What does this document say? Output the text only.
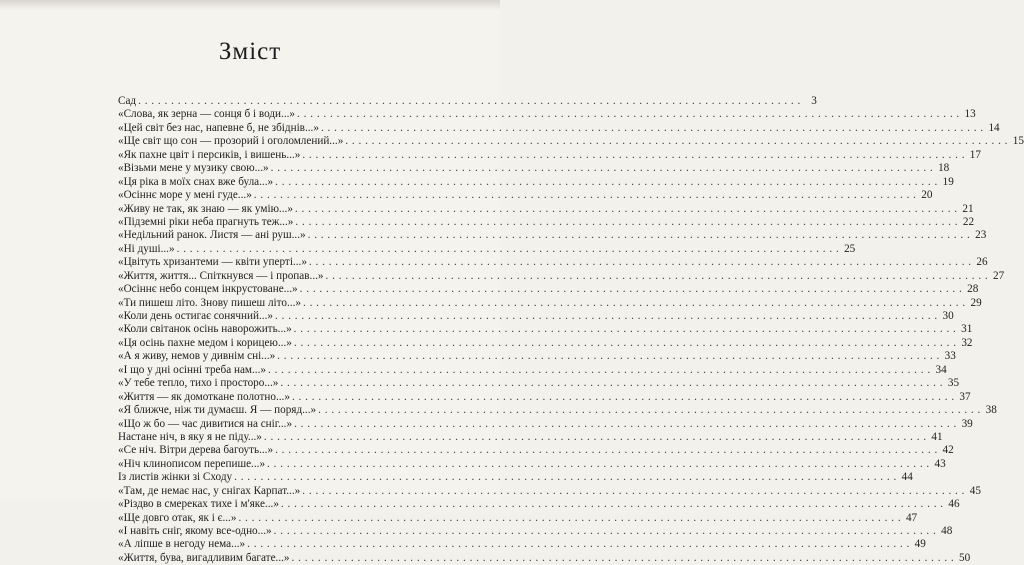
Зміст
Сад . . .	3
«Слова, як зерна — сонця б і води...» . . .	13
«Цей світ без нас, напевне б, не збіднів...» . . .	14
«Ще світ що сон — прозорий і оголомлений...» . . .	15
«Як пахне цвіт і персиків, і вишень...» . . .	17
«Візьми мене у музику свою...» . . .	18
«Ця ріка в моїх снах вже була...» . . .	19
«Осіннє море у мені гуде...» . . .	20
«Живу не так, як знаю — як умію...» . . .	21
«Підземні ріки неба прагнуть теж...» . . .	22
«Недільний ранок. Листя — ані руш...» . . .	23
«Ні душі...» . . .	25
«Цвітуть хризантеми — квіти уперті...» . . .	26
«Життя, життя... Спіткнувся — і пропав...» . . .	27
«Осіннє небо сонцем інкрустоване...» . . .	28
«Ти пишеш літо. Знову пишеш літо...» . . .	29
«Коли день остигає сонячний...» . . .	30
«Коли світанок осінь наворожить...» . . .	31
«Ця осінь пахне медом і корицею...» . . .	32
«А я живу, немов у дивнім сні...» . . .	33
«І що у дні осінні треба нам...» . . .	34
«У тебе тепло, тихо і просторо...» . . .	35
«Життя — як домоткане полотно...» . . .	37
«Я ближче, ніж ти думаєш. Я — поряд...» . . .	38
«Що ж бо — час дивитися на сніг...» . . .	39
Настане ніч, в яку я не піду...» . . .	41
«Се ніч. Вітри дерева багоуть...» . . .	42
«Ніч клинописом перепише...» . . .	43
Із листів жінки зі Сходу . . .	44
«Там, де немає нас, у снігах Карпат...» . . .	45
«Різдво в смереках тихе і м'яке...» . . .	46
«Ще довго отак, як і є...» . . .	47
«І навіть сніг, якому все-одно...» . . .	48
«А ліпше в негоду нема...» . . .	49
«Життя, бува, вигадливим багате...» . . .	50
